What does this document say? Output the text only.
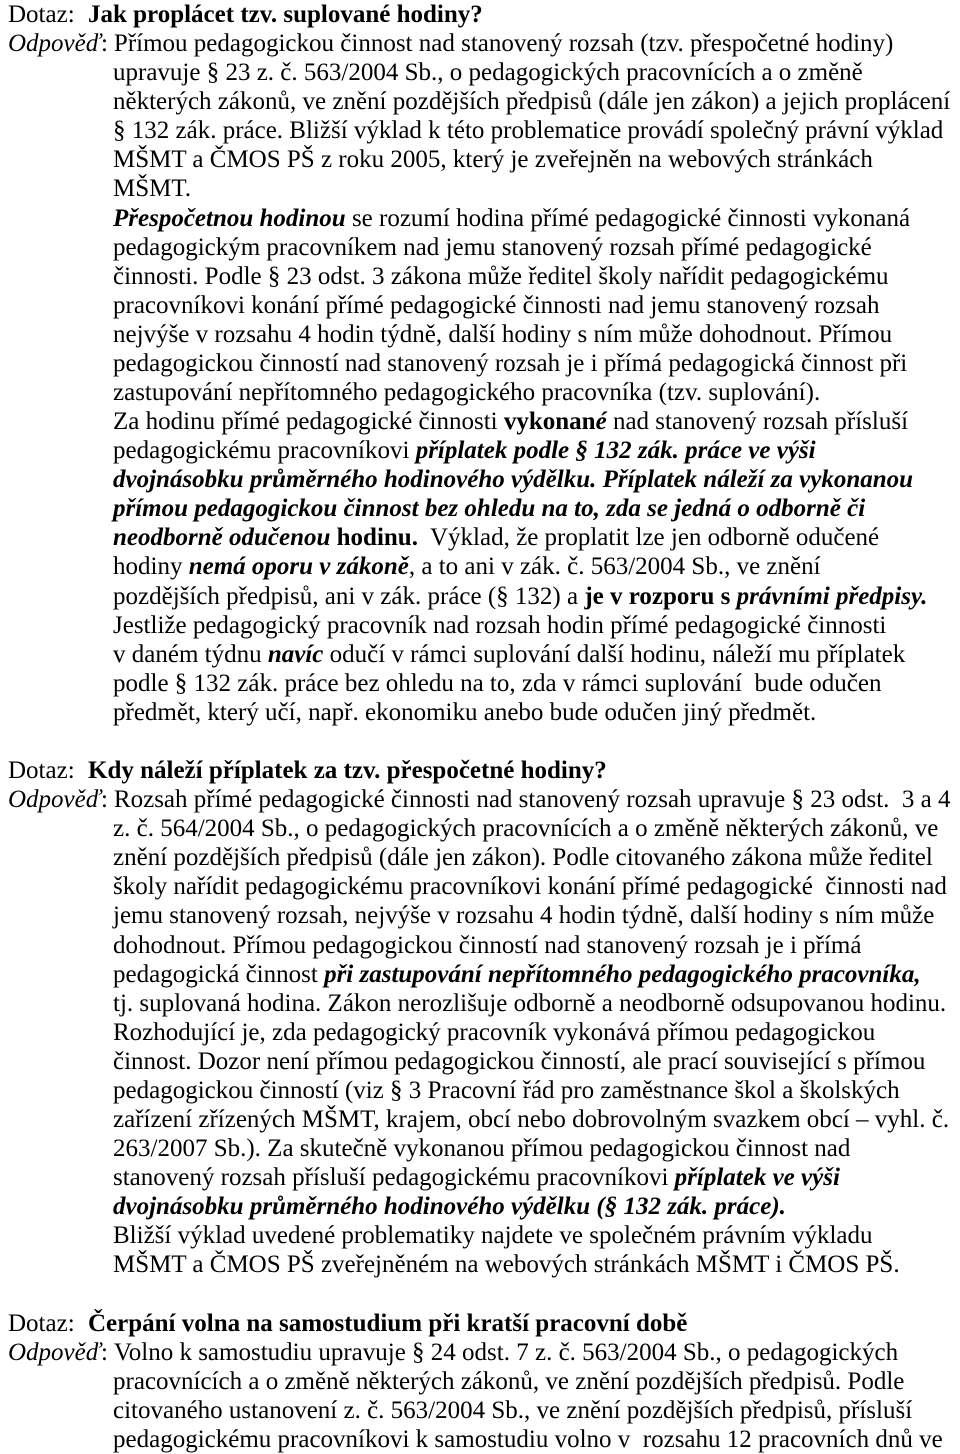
Dotaz: Jak proplácet tzv. suplované hodiny?
Odpověď: Přímou pedagogickou činnost nad stanovený rozsah (tzv. přespočetné hodiny)
upravuje § 23 z. č. 563/2004 Sb., o pedagogických pracovnících a o změně
některých zákonů, ve znění pozdějších předpisů (dále jen zákon) a jejich proplácení
§ 132 zák. práce. Bližší výklad k této problematice provádí společný právní výklad
MŠMT a ČMOS PŠ z roku 2005, který je zveřejněn na webových stránkách
MŠMT.
Přespočetnou hodinou se rozumí hodina přímé pedagogické činnosti vykonaná
pedagogickým pracovníkem nad jemu stanovený rozsah přímé pedagogické
činnosti. Podle § 23 odst. 3 zákona může ředitel školy nařídit pedagogickému
pracovníkovi konání přímé pedagogické činnosti nad jemu stanovený rozsah
nejvýše v rozsahu 4 hodin týdně, další hodiny s ním může dohodnout. Přímou
pedagogickou činností nad stanovený rozsah je i přímá pedagogická činnost při
zastupování nepřítomného pedagogického pracovníka (tzv. suplování).
Za hodinu přímé pedagogické činnosti vykonané nad stanovený rozsah přísluší
pedagogickému pracovníkovi příplatek podle § 132 zák. práce ve výši
dvojnásobku průměrného hodinového výdělku. Příplatek náleží za vykonanou
přímou pedagogickou činnost bez ohledu na to, zda se jedná o odborně či
neodborně odučenou hodinu.  Výklad, že proplatit lze jen odborně odučené
hodiny nemá oporu v zákoně, a to ani v zák. č. 563/2004 Sb., ve znění
pozdějších předpisů, ani v zák. práce (§ 132) a je v rozporu s právními předpisy.
Jestliže pedagogický pracovník nad rozsah hodin přímé pedagogické činnosti
v daném týdnu navíc odučí v rámci suplování další hodinu, náleží mu příplatek
podle § 132 zák. práce bez ohledu na to, zda v rámci suplování  bude odučen
předmět, který učí, např. ekonomiku anebo bude odučen jiný předmět.
Dotaz: Kdy náleží příplatek za tzv. přespočetné hodiny?
Odpověď: Rozsah přímé pedagogické činnosti nad stanovený rozsah upravuje § 23 odst.  3 a 4
z. č. 564/2004 Sb., o pedagogických pracovnících a o změně některých zákonů, ve
znění pozdějších předpisů (dále jen zákon). Podle citovaného zákona může ředitel
školy nařídit pedagogickému pracovníkovi konání přímé pedagogické  činnosti nad
jemu stanovený rozsah, nejvýše v rozsahu 4 hodin týdně, další hodiny s ním může
dohodnout. Přímou pedagogickou činností nad stanovený rozsah je i přímá
pedagogická činnost při zastupování nepřítomného pedagogického pracovníka,
tj. suplovaná hodina. Zákon nerozlišuje odborně a neodborně odsupovanou hodinu.
Rozhodující je, zda pedagogický pracovník vykonává přímou pedagogickou
činnost. Dozor není přímou pedagogickou činností, ale prací související s přímou
pedagogickou činností (viz § 3 Pracovní řád pro zaměstnance škol a školských
zařízení zřízených MŠMT, krajem, obcí nebo dobrovolným svazkem obcí – vyhl. č.
263/2007 Sb.). Za skutečně vykonanou přímou pedagogickou činnost nad
stanovený rozsah přísluší pedagogickému pracovníkovi příplatek ve výši
dvojnásobku průměrného hodinového výdělku (§ 132 zák. práce).
Bližší výklad uvedené problematiky najdete ve společném právním výkladu
MŠMT a ČMOS PŠ zveřejněném na webových stránkách MŠMT i ČMOS PŠ.
Dotaz: Čerpání volna na samostudium při kratší pracovní době
Odpověď: Volno k samostudiu upravuje § 24 odst. 7 z. č. 563/2004 Sb., o pedagogických
pracovnících a o změně některých zákonů, ve znění pozdějších předpisů. Podle
citovaného ustanovení z. č. 563/2004 Sb., ve znění pozdějších předpisů, přísluší
pedagogickému pracovníkovi k samostudiu volno v  rozsahu 12 pracovních dnů ve
